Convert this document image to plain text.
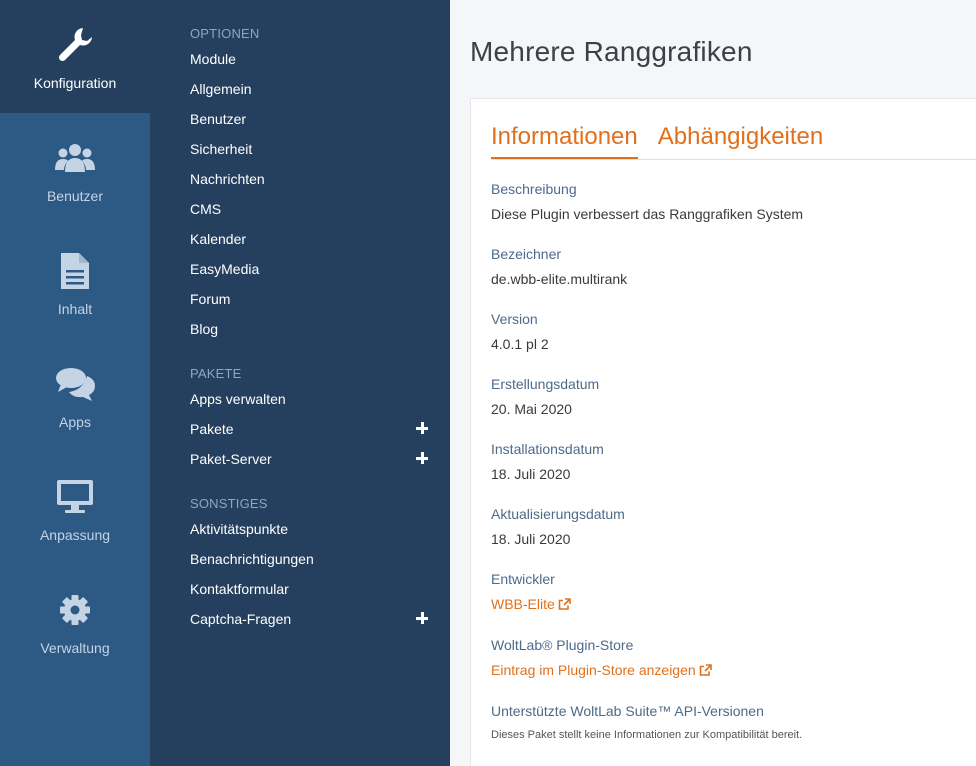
Konfiguration
Benutzer
Inhalt
Apps
Anpassung
Verwaltung
OPTIONEN
Module
Allgemein
Benutzer
Sicherheit
Nachrichten
CMS
Kalender
EasyMedia
Forum
Blog
PAKETE
Apps verwalten
Pakete
Paket-Server
SONSTIGES
Aktivitätspunkte
Benachrichtigungen
Kontaktformular
Captcha-Fragen
Mehrere Ranggrafiken
Informationen Abhängigkeiten
Beschreibung
Diese Plugin verbessert das Ranggrafiken System
Bezeichner
de.wbb-elite.multirank
Version
4.0.1 pl 2
Erstellungsdatum
20. Mai 2020
Installationsdatum
18. Juli 2020
Aktualisierungsdatum
18. Juli 2020
Entwickler
WBB-Elite
WoltLab® Plugin-Store
Eintrag im Plugin-Store anzeigen
Unterstützte WoltLab Suite™ API-Versionen
Dieses Paket stellt keine Informationen zur Kompatibilität bereit.
